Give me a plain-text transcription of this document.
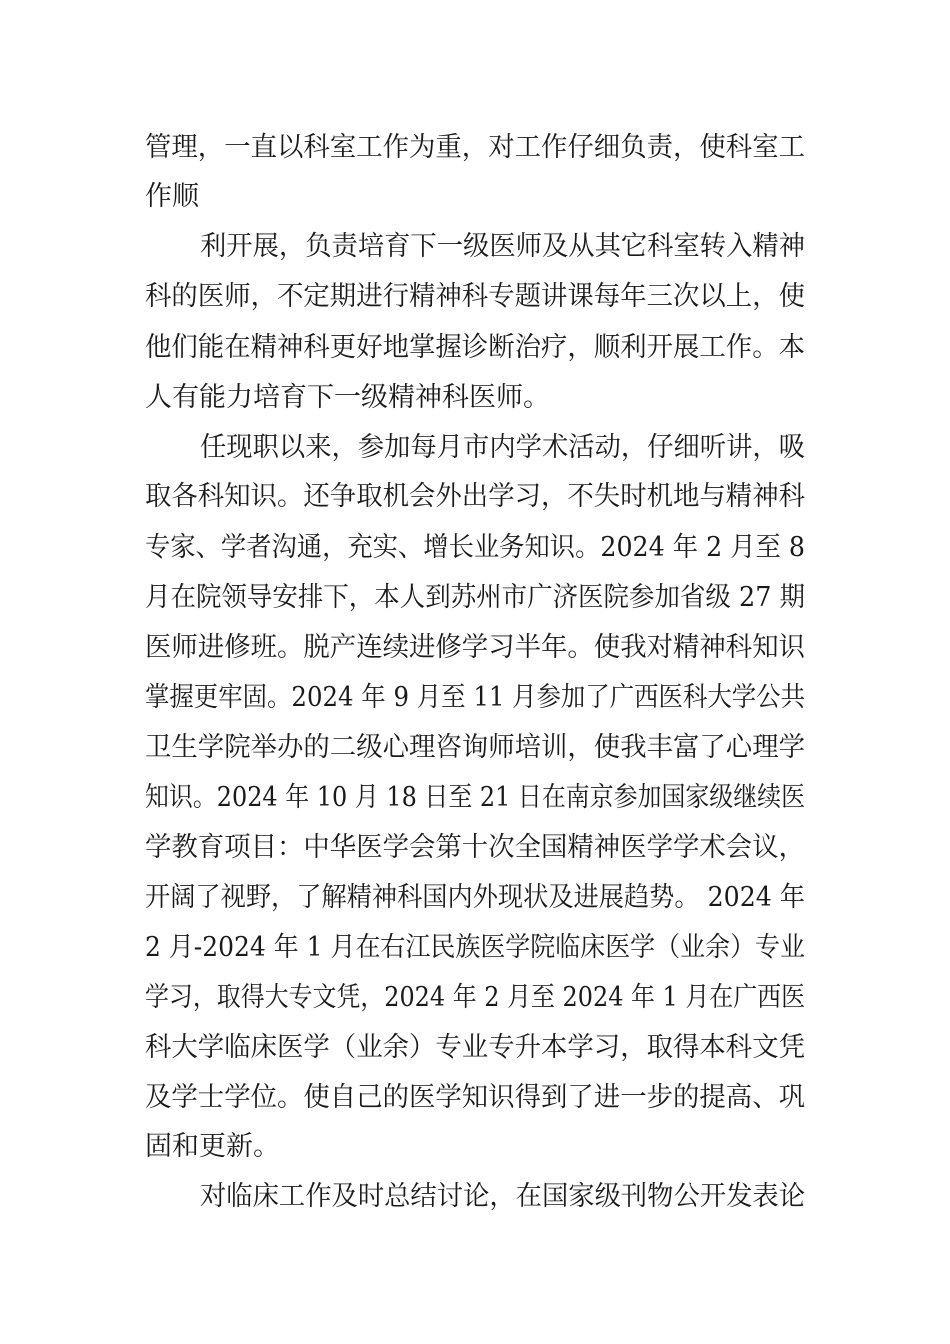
管理，一直以科室工作为重，对工作仔细负责，使科室工
作顺
利开展，负责培育下一级医师及从其它科室转入精神
科的医师，不定期进行精神科专题讲课每年三次以上，使
他们能在精神科更好地掌握诊断治疗，顺利开展工作。本
人有能力培育下一级精神科医师。
任现职以来，参加每月市内学术活动，仔细听讲，吸
取各科知识。还争取机会外出学习，不失时机地与精神科
专家、学者沟通，充实、增长业务知识。2024 年 2 月至 8
月在院领导安排下，本人到苏州市广济医院参加省级 27 期
医师进修班。脱产连续进修学习半年。使我对精神科知识
掌握更牢固。2024 年 9 月至 11 月参加了广西医科大学公共
卫生学院举办的二级心理咨询师培训，使我丰富了心理学
知识。2024 年 10 月 18 日至 21 日在南京参加国家级继续医
学教育项目：中华医学会第十次全国精神医学学术会议，
开阔了视野，了解精神科国内外现状及进展趋势。 2024 年
2 月-2024 年 1 月在右江民族医学院临床医学（业余）专业
学习，取得大专文凭，2024 年 2 月至 2024 年 1 月在广西医
科大学临床医学（业余）专业专升本学习，取得本科文凭
及学士学位。使自己的医学知识得到了进一步的提高、巩
固和更新。
对临床工作及时总结讨论，在国家级刊物公开发表论
